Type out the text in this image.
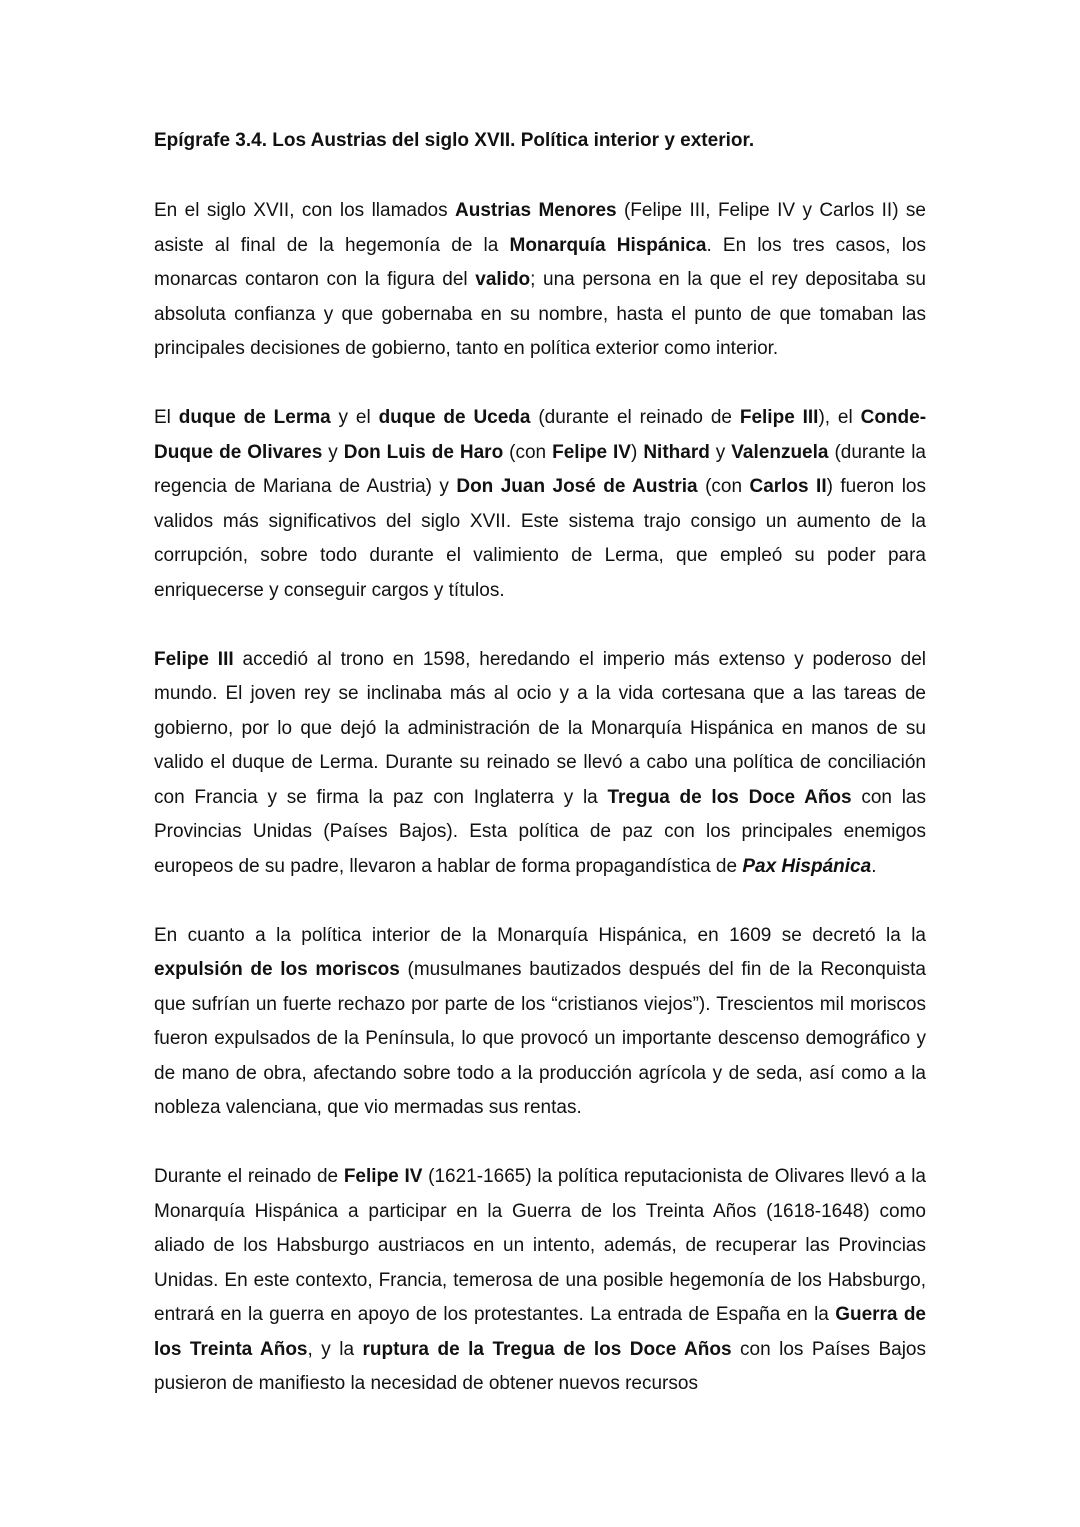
Epígrafe 3.4. Los Austrias del siglo XVII. Política interior y exterior.

En el siglo XVII, con los llamados Austrias Menores (Felipe III, Felipe IV y Carlos II) se asiste al final de la hegemonía de la Monarquía Hispánica. En los tres casos, los monarcas contaron con la figura del valido; una persona en la que el rey depositaba su absoluta confianza y que gobernaba en su nombre, hasta el punto de que tomaban las principales decisiones de gobierno, tanto en política exterior como interior.

El duque de Lerma y el duque de Uceda (durante el reinado de Felipe III), el Conde-Duque de Olivares y Don Luis de Haro (con Felipe IV) Nithard y Valenzuela (durante la regencia de Mariana de Austria) y Don Juan José de Austria (con Carlos II) fueron los validos más significativos del siglo XVII. Este sistema trajo consigo un aumento de la corrupción, sobre todo durante el valimiento de Lerma, que empleó su poder para enriquecerse y conseguir cargos y títulos.

Felipe III accedió al trono en 1598, heredando el imperio más extenso y poderoso del mundo. El joven rey se inclinaba más al ocio y a la vida cortesana que a las tareas de gobierno, por lo que dejó la administración de la Monarquía Hispánica en manos de su valido el duque de Lerma. Durante su reinado se llevó a cabo una política de conciliación con Francia y se firma la paz con Inglaterra y la Tregua de los Doce Años con las Provincias Unidas (Países Bajos). Esta política de paz con los principales enemigos europeos de su padre, llevaron a hablar de forma propagandística de Pax Hispánica.

En cuanto a la política interior de la Monarquía Hispánica, en 1609 se decretó la la expulsión de los moriscos (musulmanes bautizados después del fin de la Reconquista que sufrían un fuerte rechazo por parte de los “cristianos viejos”). Trescientos mil moriscos fueron expulsados de la Península, lo que provocó un importante descenso demográfico y de mano de obra, afectando sobre todo a la producción agrícola y de seda, así como a la nobleza valenciana, que vio mermadas sus rentas.

Durante el reinado de Felipe IV (1621-1665) la política reputacionista de Olivares llevó a la Monarquía Hispánica a participar en la Guerra de los Treinta Años (1618-1648) como aliado de los Habsburgo austriacos en un intento, además, de recuperar las Provincias Unidas. En este contexto, Francia, temerosa de una posible hegemonía de los Habsburgo, entrará en la guerra en apoyo de los protestantes. La entrada de España en la Guerra de los Treinta Años, y la ruptura de la Tregua de los Doce Años con los Países Bajos pusieron de manifiesto la necesidad de obtener nuevos recursos
